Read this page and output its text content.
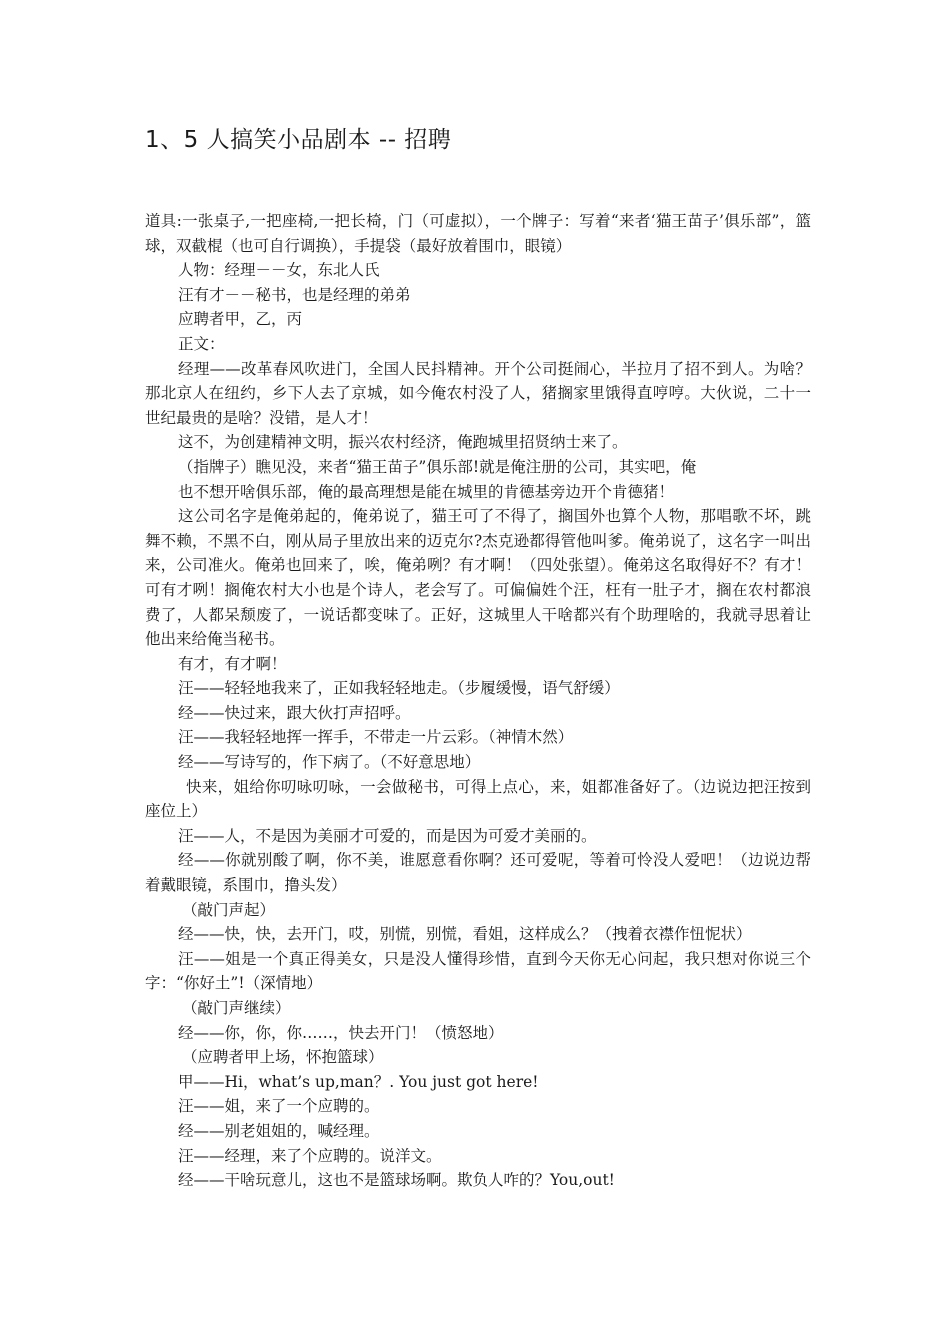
1、5 人搞笑小品剧本 -- 招聘

道具:一张桌子,一把座椅,一把长椅，门（可虚拟），一个牌子：写着“来者‘猫王苗子’俱乐部”，篮球，双截棍（也可自行调换），手提袋（最好放着围巾，眼镜）

人物：经理－－女，东北人氏

汪有才－－秘书，也是经理的弟弟

应聘者甲，乙，丙

正文：

经理——改革春风吹进门，全国人民抖精神。开个公司挺闹心，半拉月了招不到人。为啥？那北京人在纽约，乡下人去了京城，如今俺农村没了人，猪搁家里饿得直哼哼。大伙说，二十一世纪最贵的是啥？没错，是人才！

这不，为创建精神文明，振兴农村经济，俺跑城里招贤纳士来了。

（指牌子）瞧见没，来者“猫王苗子”俱乐部!就是俺注册的公司，其实吧，俺

也不想开啥俱乐部，俺的最高理想是能在城里的肯德基旁边开个肯德猪！

这公司名字是俺弟起的，俺弟说了，猫王可了不得了，搁国外也算个人物，那唱歌不坏，跳舞不赖，不黑不白，刚从局子里放出来的迈克尔?杰克逊都得管他叫爹。俺弟说了，这名字一叫出来，公司准火。俺弟也回来了，唉，俺弟咧？有才啊！（四处张望）。俺弟这名取得好不？有才！可有才咧！搁俺农村大小也是个诗人，老会写了。可偏偏姓个汪，枉有一肚子才，搁在农村都浪费了，人都呆颓废了，一说话都变味了。正好，这城里人干啥都兴有个助理啥的，我就寻思着让他出来给俺当秘书。

有才，有才啊！

汪——轻轻地我来了，正如我轻轻地走。（步履缓慢，语气舒缓）

经——快过来，跟大伙打声招呼。

汪——我轻轻地挥一挥手，不带走一片云彩。（神情木然）

经——写诗写的，作下病了。（不好意思地）

快来，姐给你叨咏叨咏，一会做秘书，可得上点心，来，姐都准备好了。（边说边把汪按到座位上）

汪——人，不是因为美丽才可爱的，而是因为可爱才美丽的。

经——你就别酸了啊，你不美，谁愿意看你啊？还可爱呢，等着可怜没人爱吧！（边说边帮着戴眼镜，系围巾，撸头发）

（敲门声起）

经——快，快，去开门，哎，别慌，别慌，看姐，这样成么？（拽着衣襟作忸怩状）

汪——姐是一个真正得美女，只是没人懂得珍惜，直到今天你无心问起，我只想对你说三个字：“你好土”!（深情地）

（敲门声继续）

经——你，你，你……，快去开门！（愤怒地）

（应聘者甲上场，怀抱篮球）

甲——Hi，what’s up,man？. You just got here!

汪——姐，来了一个应聘的。

经——别老姐姐的，喊经理。

汪——经理，来了个应聘的。说洋文。

经——干啥玩意儿，这也不是篮球场啊。欺负人咋的？You,out!
